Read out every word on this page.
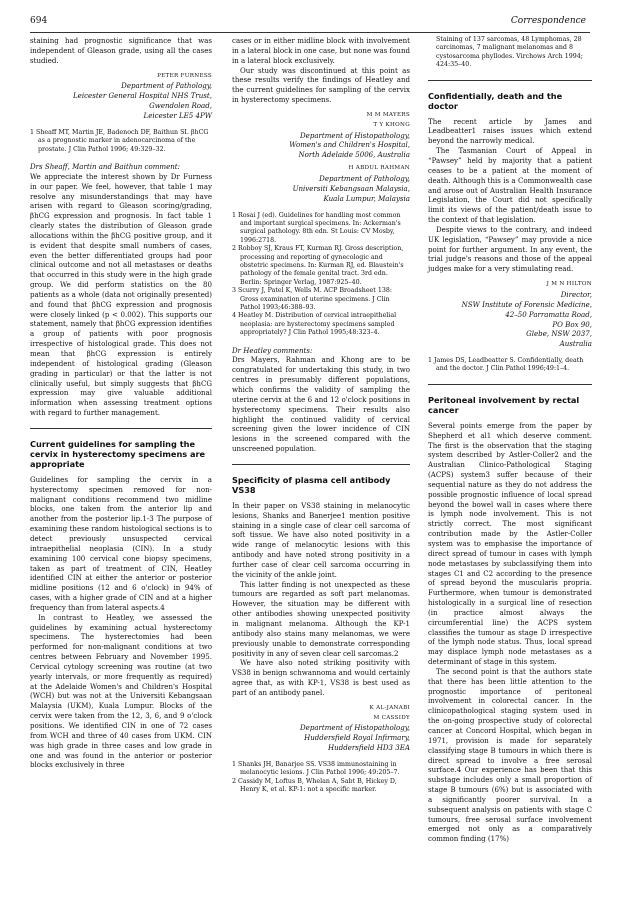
694	Correspondence

staining had prognostic significance that was independent of Gleason grade, using all the cases studied.

PETER FURNESS
Department of Pathology,
Leicester General Hospital NHS Trust,
Gwendolen Road,
Leicester LE5 4PW

1 Sheaff MT, Martin JE, Badenoch DF, Baithun SI. βhCG as a prognostic marker in adenocarcinoma of the prostate. J Clin Pathol 1996; 49:329–32.

Drs Sheaff, Martin and Baithun comment:

We appreciate the interest shown by Dr Furness in our paper. We feel, however, that table 1 may resolve any misunderstandings that may have arisen with regard to Gleason scoring/grading, βhCG expression and prognosis. In fact table 1 clearly states the distribution of Gleason grade allocations within the βhCG positive group, and it is evident that despite small numbers of cases, even the better differentiated groups had poor clinical outcome and not all metastases or deaths that occurred in this study were in the high grade group. We did perform statistics on the 80 patients as a whole (data not originally presented) and found that βhCG expression and prognosis were closely linked (p < 0.002). This supports our statement, namely that βhCG expression identifies a group of patients with poor prognosis irrespective of histological grade. This does not mean that βhCG expression is entirely independent of histological grading (Gleason grading in particular) or that the latter is not clinically useful, but simply suggests that βhCG expression may give valuable additional information when assessing treatment options with regard to further management.

Current guidelines for sampling the cervix in hysterectomy specimens are appropriate

Guidelines for sampling the cervix in a hysterectomy specimen removed for non-malignant conditions recommend two midline blocks, one taken from the anterior lip and another from the posterior lip.1-3 The purpose of examining these random histological sections is to detect previously unsuspected cervical intraepithelial neoplasia (CIN). In a study examining 100 cervical cone biopsy specimens, taken as part of treatment of CIN, Heatley identified CIN at either the anterior or posterior midline positions (12 and 6 o'clock) in 94% of cases, with a higher grade of CIN and at a higher frequency than from lateral aspects.4

In contrast to Heatley, we assessed the guidelines by examining actual hysterectomy specimens. The hysterectomies had been performed for non-malignant conditions at two centres between February and November 1995. Cervical cytology screening was routine (at two yearly intervals, or more frequently as required) at the Adelaide Women's and Children's Hospital (WCH) but was not at the Universiti Kebangsaan Malaysia (UKM), Kuala Lumpur. Blocks of the cervix were taken from the 12, 3, 6, and 9 o'clock positions. We identified CIN in one of 72 cases from WCH and three of 40 cases from UKM. CIN was high grade in three cases and low grade in one and was found in the anterior or posterior blocks exclusively in three

cases or in either midline block with involvement in a lateral block in one case, but none was found in a lateral block exclusively.

Our study was discontinued at this point as these results verify the findings of Heatley and the current guidelines for sampling of the cervix in hysterectomy specimens.

M M MAYERS
T Y KHONG
Department of Histopathology,
Women's and Children's Hospital,
North Adelaide 5006, Australia
H ABDUL RAHMAN
Department of Pathology,
Universiti Kebangsaan Malaysia,
Kuala Lumpur, Malaysia

1 Rosai J (ed). Guidelines for handling most common and important surgical specimens. In: Ackerman's surgical pathology. 8th edn. St Louis: CV Mosby, 1996:2718.

2 Robboy SJ, Kraus FT, Kurman RJ. Gross description, processing and reporting of gynecologic and obstetric specimens. In: Kurman RJ, ed. Blaustein's pathology of the female genital tract. 3rd edn. Berlin: Springer Verlag, 1987:925–40.

3 Scurry J, Patel K, Wells M. ACP Broadsheet 138: Gross examination of uterine specimens. J Clin Pathol 1993;46:388–93.

4 Heatley M. Distribution of cervical intraepithelial neoplasia: are hysterectomy specimens sampled appropriately? J Clin Pathol 1995;48:323–4.

Dr Heatley comments:

Drs Mayers, Rahman and Khong are to be congratulated for undertaking this study, in two centres in presumably different populations, which confirms the validity of sampling the uterine cervix at the 6 and 12 o'clock positions in hysterectomy specimens. Their results also highlight the continued validity of cervical screening given the lower incidence of CIN lesions in the screened compared with the unscreened population.

Specificity of plasma cell antibody VS38

In their paper on VS38 staining in melanocytic lesions, Shanks and Banerjee1 mention positive staining in a single case of clear cell sarcoma of soft tissue. We have also noted positivity in a wide range of melanocytic lesions with this antibody and have noted strong positivity in a further case of clear cell sarcoma occurring in the vicinity of the ankle joint.

This latter finding is not unexpected as these tumours are regarded as soft part melanomas. However, the situation may be different with other antibodies showing unexpected positivity in malignant melanoma. Although the KP-1 antibody also stains many melanomas, we were previously unable to demonstrate corresponding positivity in any of seven clear cell sarcomas.2

We have also noted striking positivity with VS38 in benign schwannoma and would certainly agree that, as with KP-1, VS38 is best used as part of an antibody panel.

K AL-JANABI
M CASSIDY
Department of Histopathology,
Huddersfield Royal Infirmary,
Huddersfield HD3 3EA

1 Shanks JH, Banarjee SS. VS38 immunostaining in melanocytic lesions. J Clin Pathol 1996; 49:205–7.

2 Cassidy M, Loftus B, Whelan A, Sabt B, Hickey D, Henry K, et al. KP-1: not a specific marker.

Staining of 137 sarcomas, 48 Lymphomas, 28 carcinomas, 7 malignant melanomas and 8 cystosarcoma phyllodes. Virchows Arch 1994; 424:35–40.

Confidentially, death and the doctor

The recent article by James and Leadbeatter1 raises issues which extend beyond the narrowly medical.

The Tasmanian Court of Appeal in “Pawsey” held by majority that a patient ceases to be a patient at the moment of death. Although this is a Commonwealth case and arose out of Australian Health Insurance Legislation, the Court did not specifically limit its views of the patient/death issue to the context of that legislation.

Despite views to the contrary, and indeed UK legislation, “Pawsey” may provide a nice point for further argument. In any event, the trial judge's reasons and those of the appeal judges make for a very stimulating read.

J M N HILTON
Director,
NSW Institute of Forensic Medicine,
42–50 Parramatta Road,
PO Box 90,
Glebe, NSW 2037,
Australia

1 James DS, Leadbeatter S. Confidentially, death and the doctor. J Clin Pathol 1996;49:1–4.

Peritoneal involvement by rectal cancer

Several points emerge from the paper by Shepherd et al1 which deserve comment. The first is the observation that the staging system described by Astler-Coller2 and the Australian Clinico-Pathological Staging (ACPS) system3 suffer because of their sequential nature as they do not address the possible prognostic influence of local spread beyond the bowel wall in cases where there is lymph node involvement. This is not strictly correct. The most significant contribution made by the Astler-Coller system was to emphasise the importance of direct spread of tumour in cases with lymph node metastases by subclassifying them into stages C1 and C2 according to the presence of spread beyond the muscularis propria. Furthermore, when tumour is demonstrated histologically in a surgical line of resection (in practice almost always the circumferential line) the ACPS system classifies the tumour as stage D irrespective of the lymph node status. Thus, local spread may displace lymph node metastases as a determinant of stage in this system.

The second point is that the authors state that there has been little attention to the prognostic importance of peritoneal involvement in colorectal cancer. In the clinicopathological staging system used in the on-going prospective study of colorectal cancer at Concord Hospital, which began in 1971, provision is made for separately classifying stage B tumours in which there is direct spread to involve a free serosal surface.4 Our experience has been that this substage includes only a small proportion of stage B tumours (6%) but is associated with a significantly poorer survival. In a subsequent analysis on patients with stage C tumours, free serosal surface involvement emerged not only as a comparatively common finding (17%)
